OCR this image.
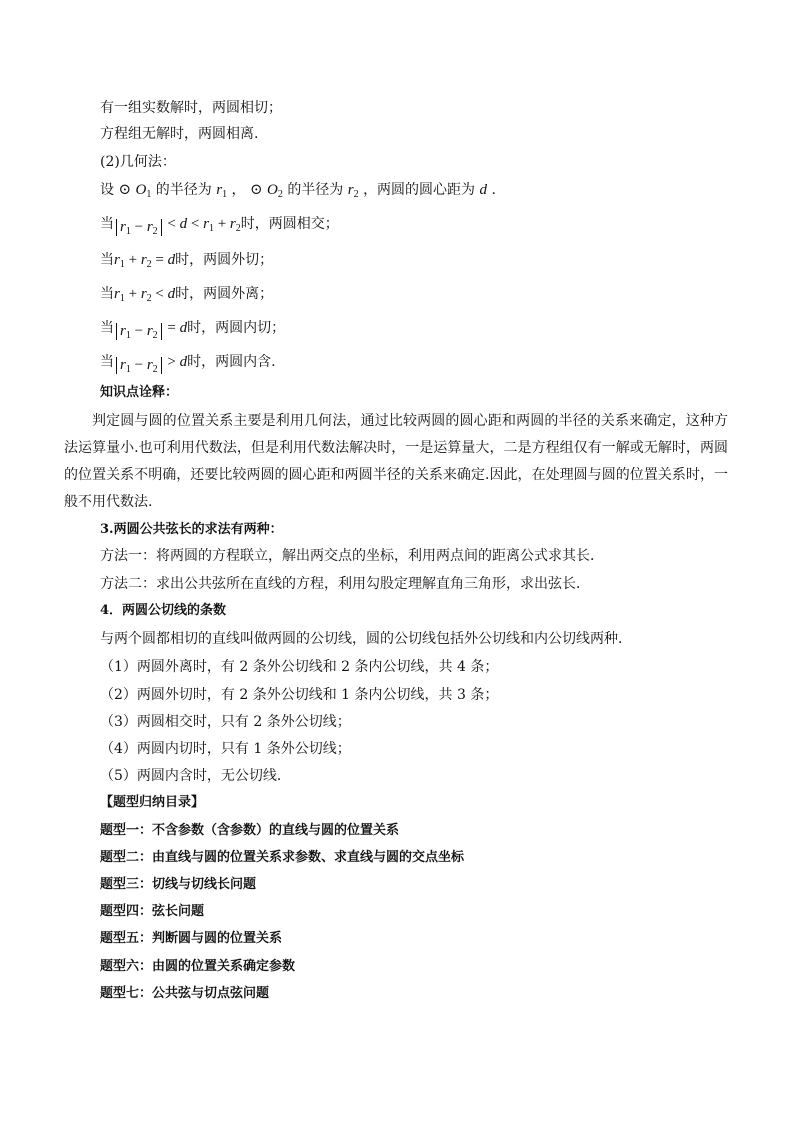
有一组实数解时，两圆相切；
方程组无解时，两圆相离.
(2)几何法：
设 ⊙ $O_1$ 的半径为 $r_1$ ， ⊙ $O_2$ 的半径为 $r_2$ ，两圆的圆心距为 d .
当 $r_1 - r_2 < d < r_1 + r_2$时，两圆相交；
当$r_1 + r_2 = d$时，两圆外切；
当$r_1 + r_2 < d$时，两圆外离；
当 $r_1 - r_2 = d$时，两圆内切；
当 $r_1 - r_2 > d$时，两圆内含.
知识点诠释：

判定圆与圆的位置关系主要是利用几何法，通过比较两圆的圆心距和两圆的半径的关系来确定，这种方法运算量小.也可利用代数法，但是利用代数法解决时，一是运算量大，二是方程组仅有一解或无解时，两圆的位置关系不明确，还要比较两圆的圆心距和两圆半径的关系来确定.因此，在处理圆与圆的位置关系时，一般不用代数法.

3.两圆公共弦长的求法有两种：
方法一：将两圆的方程联立，解出两交点的坐标，利用两点间的距离公式求其长．
方法二：求出公共弦所在直线的方程，利用勾股定理解直角三角形，求出弦长．
4．两圆公切线的条数
与两个圆都相切的直线叫做两圆的公切线，圆的公切线包括外公切线和内公切线两种．
（1）两圆外离时，有 2 条外公切线和 2 条内公切线，共 4 条；
（2）两圆外切时，有 2 条外公切线和 1 条内公切线，共 3 条；
（3）两圆相交时，只有 2 条外公切线；
（4）两圆内切时，只有 1 条外公切线；
（5）两圆内含时，无公切线．
【题型归纳目录】
题型一：不含参数（含参数）的直线与圆的位置关系
题型二：由直线与圆的位置关系求参数、求直线与圆的交点坐标
题型三：切线与切线长问题
题型四：弦长问题
题型五：判断圆与圆的位置关系
题型六：由圆的位置关系确定参数
题型七：公共弦与切点弦问题
